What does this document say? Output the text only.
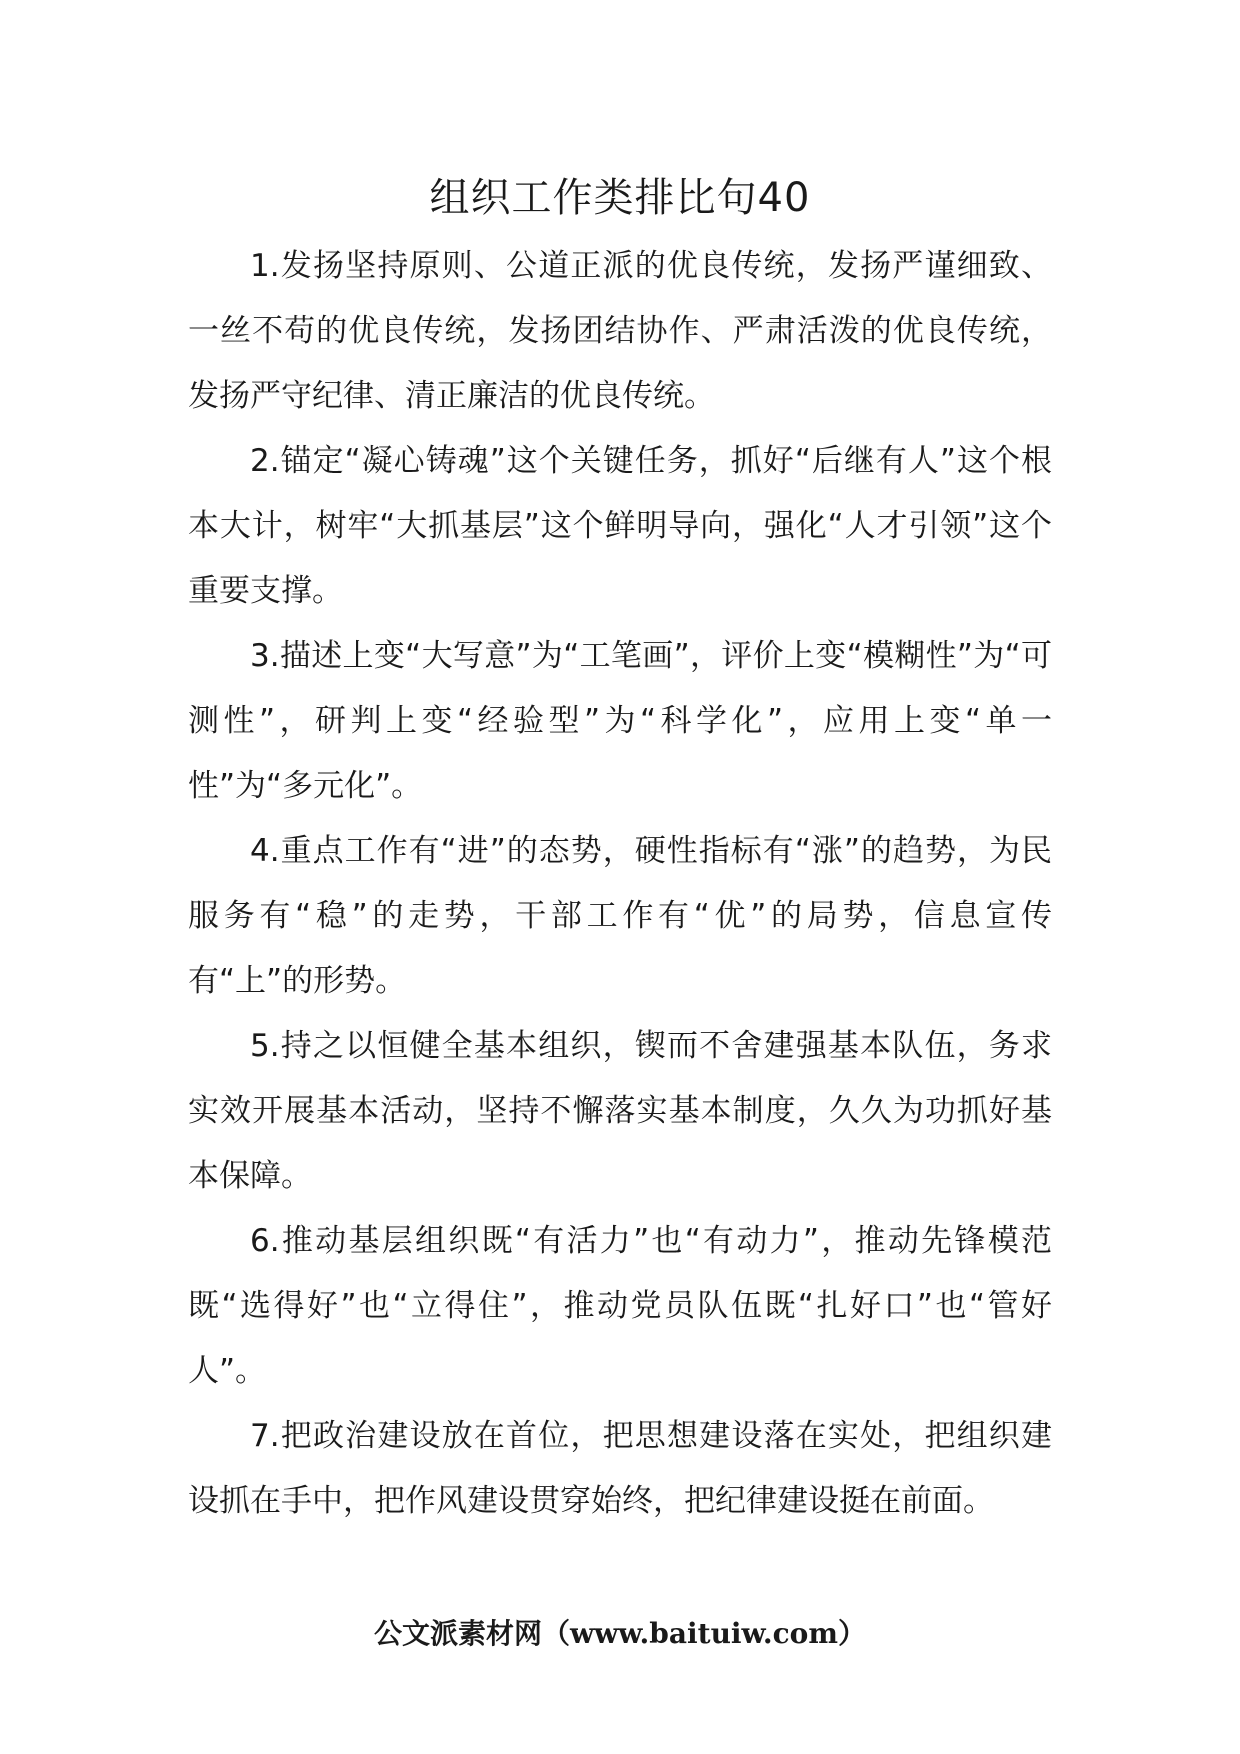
组织工作类排比句40

1.发扬坚持原则、公道正派的优良传统，发扬严谨细致、一丝不苟的优良传统，发扬团结协作、严肃活泼的优良传统，发扬严守纪律、清正廉洁的优良传统。

2.锚定“凝心铸魂”这个关键任务，抓好“后继有人”这个根本大计，树牢“大抓基层”这个鲜明导向，强化“人才引领”这个重要支撑。

3.描述上变“大写意”为“工笔画”，评价上变“模糊性”为“可测性”，研判上变“经验型”为“科学化”，应用上变“单一性”为“多元化”。

4.重点工作有“进”的态势，硬性指标有“涨”的趋势，为民服务有“稳”的走势，干部工作有“优”的局势，信息宣传有“上”的形势。

5.持之以恒健全基本组织，锲而不舍建强基本队伍，务求实效开展基本活动，坚持不懈落实基本制度，久久为功抓好基本保障。

6.推动基层组织既“有活力”也“有动力”，推动先锋模范既“选得好”也“立得住”，推动党员队伍既“扎好口”也“管好人”。

7.把政治建设放在首位，把思想建设落在实处，把组织建设抓在手中，把作风建设贯穿始终，把纪律建设挺在前面。

公文派素材网（www.baituiw.com）
